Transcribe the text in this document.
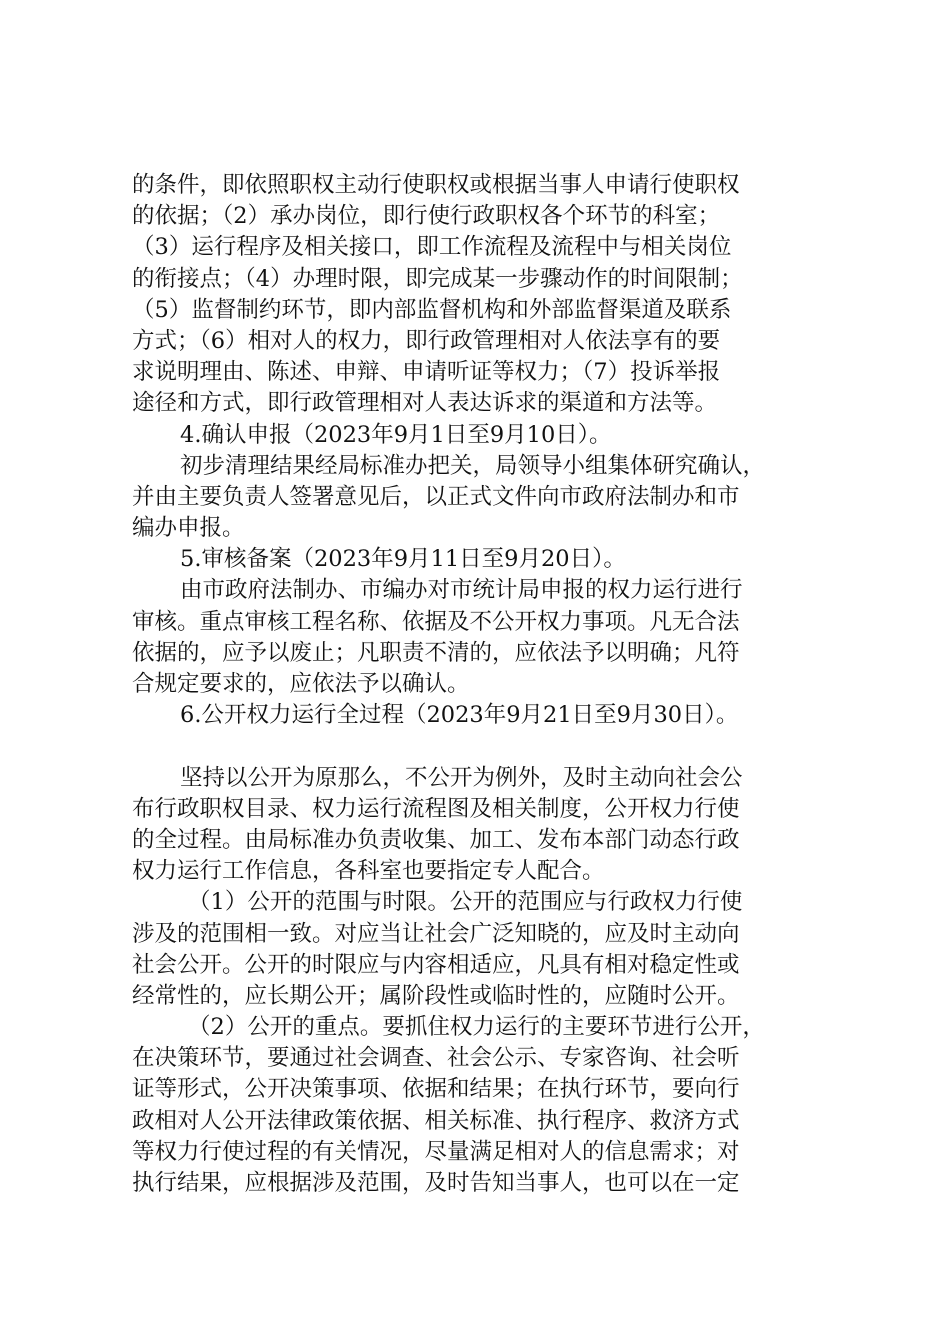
的条件，即依照职权主动行使职权或根据当事人申请行使职权
的依据；（2）承办岗位，即行使行政职权各个环节的科室；
（3）运行程序及相关接口，即工作流程及流程中与相关岗位
的衔接点；（4）办理时限，即完成某一步骤动作的时间限制；
（5）监督制约环节，即内部监督机构和外部监督渠道及联系
方式；（6）相对人的权力，即行政管理相对人依法享有的要
求说明理由、陈述、申辩、申请听证等权力；（7）投诉举报
途径和方式，即行政管理相对人表达诉求的渠道和方法等。
4.确认申报（2023年9月1日至9月10日）。
初步清理结果经局标准办把关，局领导小组集体研究确认，
并由主要负责人签署意见后，以正式文件向市政府法制办和市
编办申报。
5.审核备案（2023年9月11日至9月20日）。
由市政府法制办、市编办对市统计局申报的权力运行进行
审核。重点审核工程名称、依据及不公开权力事项。凡无合法
依据的，应予以废止；凡职责不清的，应依法予以明确；凡符
合规定要求的，应依法予以确认。
6.公开权力运行全过程（2023年9月21日至9月30日）。
坚持以公开为原那么，不公开为例外，及时主动向社会公
布行政职权目录、权力运行流程图及相关制度，公开权力行使
的全过程。由局标准办负责收集、加工、发布本部门动态行政
权力运行工作信息，各科室也要指定专人配合。
（1）公开的范围与时限。公开的范围应与行政权力行使
涉及的范围相一致。对应当让社会广泛知晓的，应及时主动向
社会公开。公开的时限应与内容相适应，凡具有相对稳定性或
经常性的，应长期公开；属阶段性或临时性的，应随时公开。
（2）公开的重点。要抓住权力运行的主要环节进行公开，
在决策环节，要通过社会调查、社会公示、专家咨询、社会听
证等形式，公开决策事项、依据和结果；在执行环节，要向行
政相对人公开法律政策依据、相关标准、执行程序、救济方式
等权力行使过程的有关情况，尽量满足相对人的信息需求；对
执行结果，应根据涉及范围，及时告知当事人，也可以在一定
